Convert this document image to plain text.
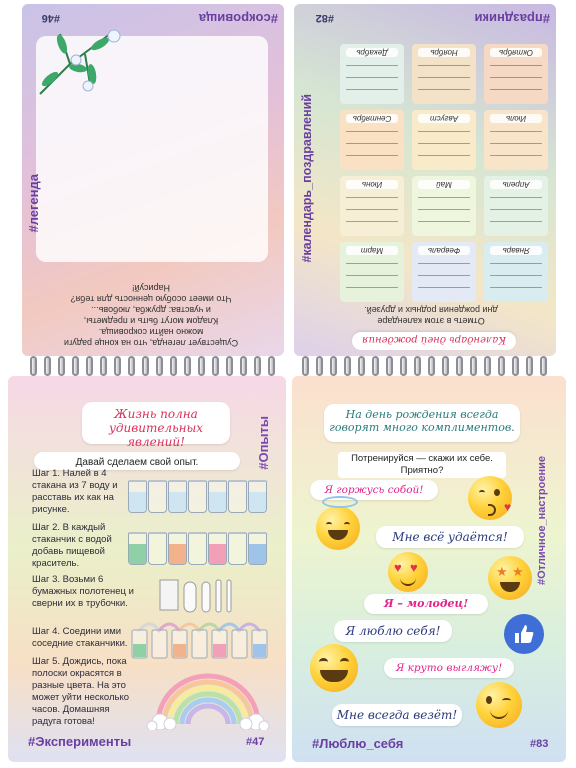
Существует легенда, что на конце радуги
можно найти сокровища.
Кладом могут быть и предметы,
и чувства: дружба, любовь...
Что имеет особую ценность для тебя?
Нарисуй!
#46	#сокровища
#легенда
#82	#праздники
Календарь дней рождения
Отметь в этом календаре
дни рождения родных и друзей.
Январь
Февраль
Март
Апрель
Май
Июнь
Июль
Август
Сентябрь
Октябрь
Ноябрь
Декабрь
#календарь_поздравлений
Жизнь полна
удивительных явлений!	#Опыты
Давай сделаем свой опыт.
Шаг 1. Налей в 4 стакана из 7 воду и расставь их как на рисунке.
Шаг 2. В каждый стаканчик с водой добавь пищевой краситель.
Шаг 3. Возьми 6 бумажных полотенец и сверни их в трубочки.
Шаг 4. Соедини ими соседние стаканчики.
Шаг 5. Дождись, пока полоски окрасятся в разные цвета. На это может уйти несколько часов. Домашняя радуга готова!
#Эксперименты	#47
На день рождения всегда
говорят много комплиментов.
Потренируйся — скажи их себе.
Приятно?	#Отличное_настроение
Я горжусь собой!
Мне всё удаётся!
Я – молодец!
Я люблю себя!
Я круто выгляжу!
Мне всегда везёт!
♥
♥ ♥	★ ★
#Люблю_себя	#83
